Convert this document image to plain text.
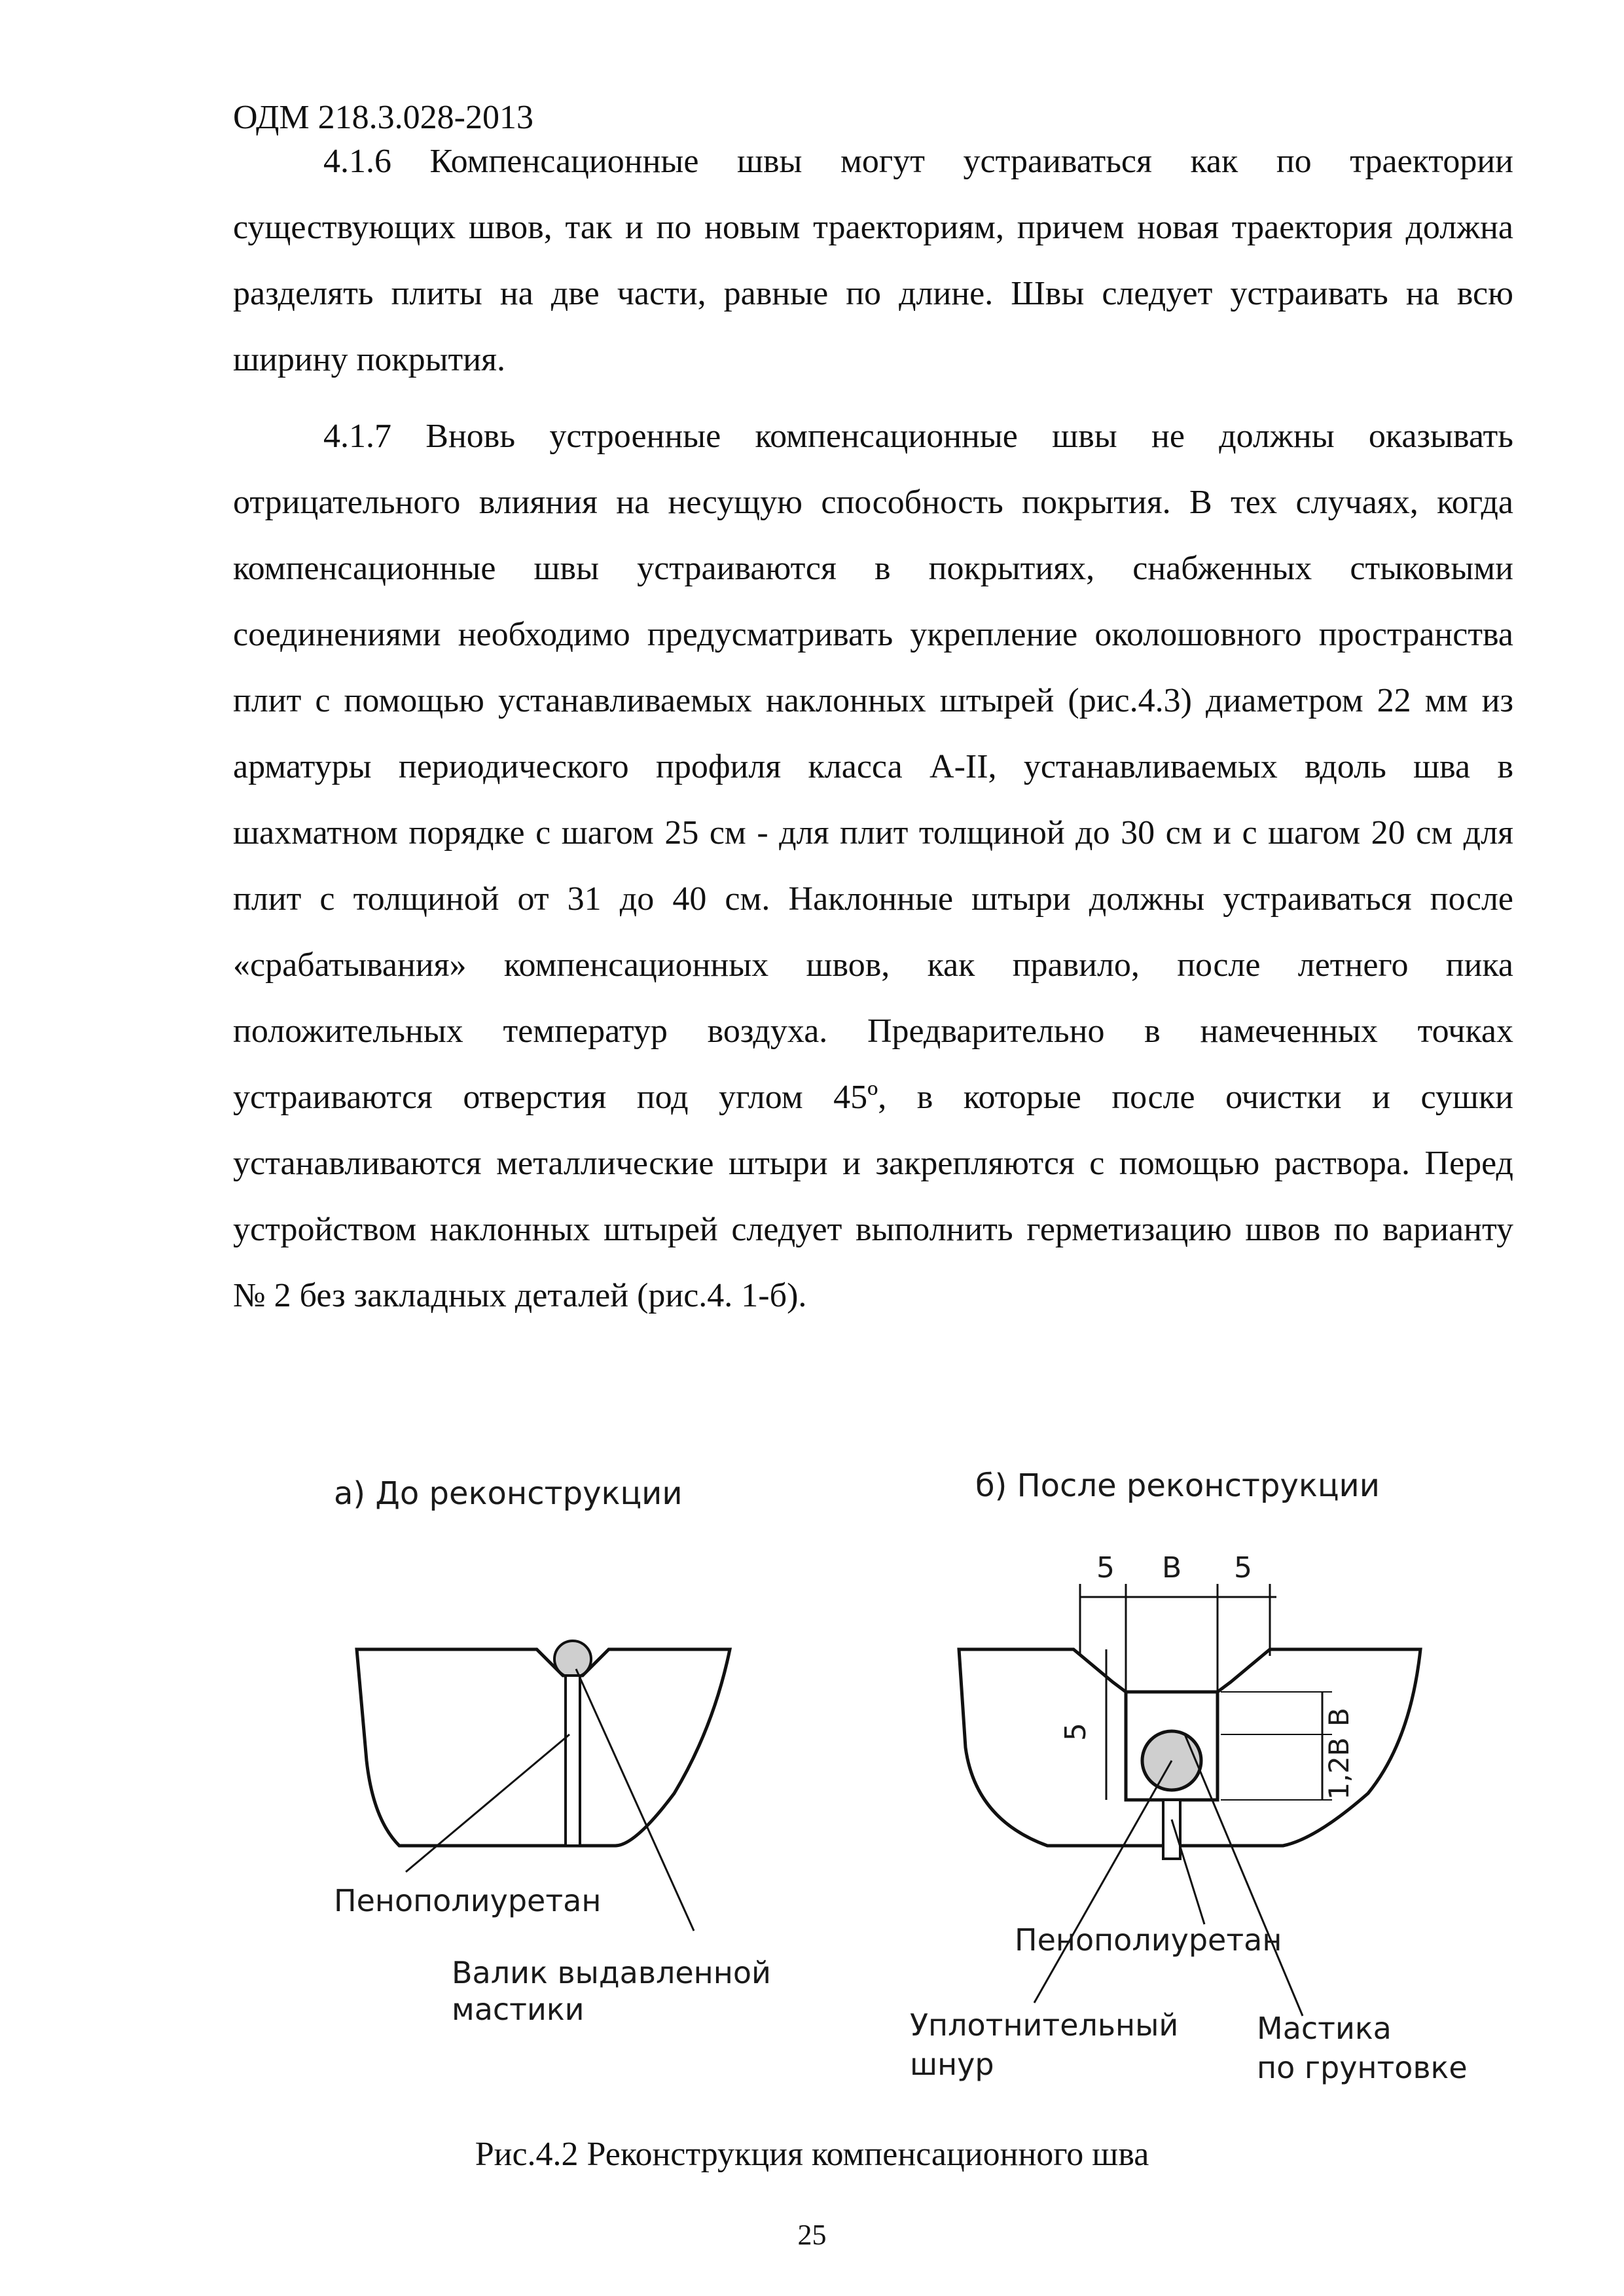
ОДМ 218.3.028-2013

4.1.6 Компенсационные швы могут устраиваться как по траектории существующих швов, так и по новым траекториям, причем новая траектория должна разделять плиты на две части, равные по длине. Швы следует устраивать на всю ширину покрытия.

4.1.7 Вновь устроенные компенсационные швы не должны оказывать отрицательного влияния на несущую способность покрытия. В тех случаях, когда компенсационные швы устраиваются в покрытиях, снабженных стыковыми соединениями необходимо предусматривать укрепление околошовного пространства плит с помощью устанавливаемых наклонных штырей (рис.4.3) диаметром 22 мм из арматуры периодического профиля класса А-II, устанавливаемых вдоль шва в шахматном порядке с шагом 25 см - для плит толщиной до 30 см и с шагом 20 см для плит с толщиной от 31 до 40 см. Наклонные штыри должны устраиваться после «срабатывания» компенсационных швов, как правило, после летнего пика положительных температур воздуха. Предварительно в намеченных точках устраиваются отверстия под углом 45º, в которые после очистки и сушки устанавливаются металлические штыри и закрепляются с помощью раствора. Перед устройством наклонных штырей следует выполнить герметизацию швов по варианту № 2 без закладных деталей (рис.4. 1-б).

а) До реконструкции	б) После реконструкции
Пенополиуретан
Валик выдавленной
мастики
5 B 5
5
B
1,2B
Пенополиуретан
Уплотнительный
шнур
Мастика
по грунтовке
Рис.4.2 Реконструкция компенсационного шва
25
